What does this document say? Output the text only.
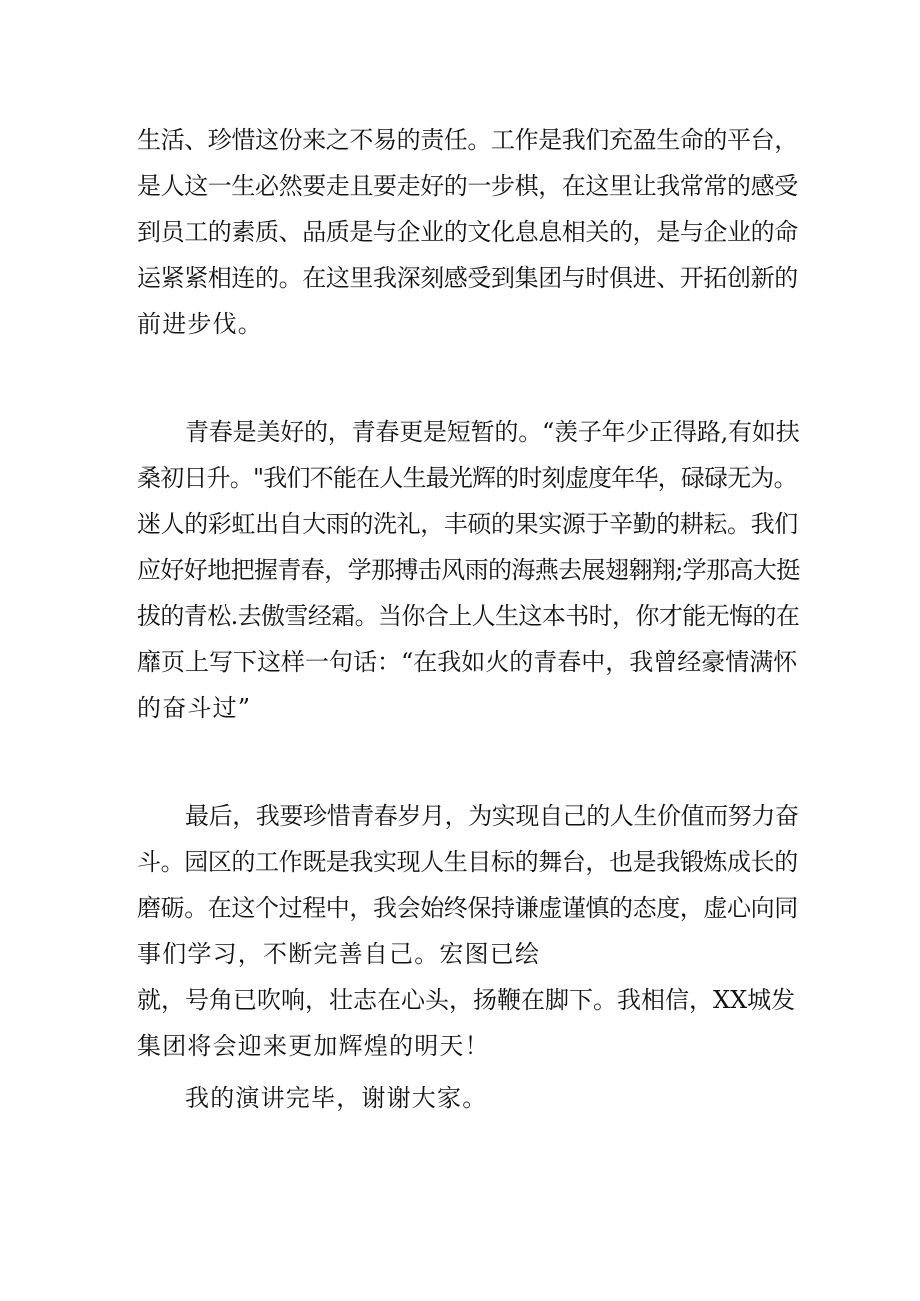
生活、珍惜这份来之不易的责任。工作是我们充盈生命的平台，
是人这一生必然要走且要走好的一步棋，在这里让我常常的感受
到员工的素质、品质是与企业的文化息息相关的，是与企业的命
运紧紧相连的。在这里我深刻感受到集团与时俱进、开拓创新的
前进步伐。
青春是美好的，青春更是短暂的。“羡子年少正得路,有如扶
桑初日升。"我们不能在人生最光辉的时刻虚度年华，碌碌无为。
迷人的彩虹出自大雨的洗礼，丰硕的果实源于辛勤的耕耘。我们
应好好地把握青春，学那搏击风雨的海燕去展翅翱翔;学那高大挺
拔的青松.去傲雪经霜。当你合上人生这本书时，你才能无悔的在
靡页上写下这样一句话：“在我如火的青春中，我曾经豪情满怀
的奋斗过”
最后，我要珍惜青春岁月，为实现自己的人生价值而努力奋
斗。园区的工作既是我实现人生目标的舞台，也是我锻炼成长的
磨砺。在这个过程中，我会始终保持谦虚谨慎的态度，虚心向同
事们学习，不断完善自己。宏图已绘
就，号角已吹响，壮志在心头，扬鞭在脚下。我相信，XX城发
集团将会迎来更加辉煌的明天！
我的演讲完毕，谢谢大家。
